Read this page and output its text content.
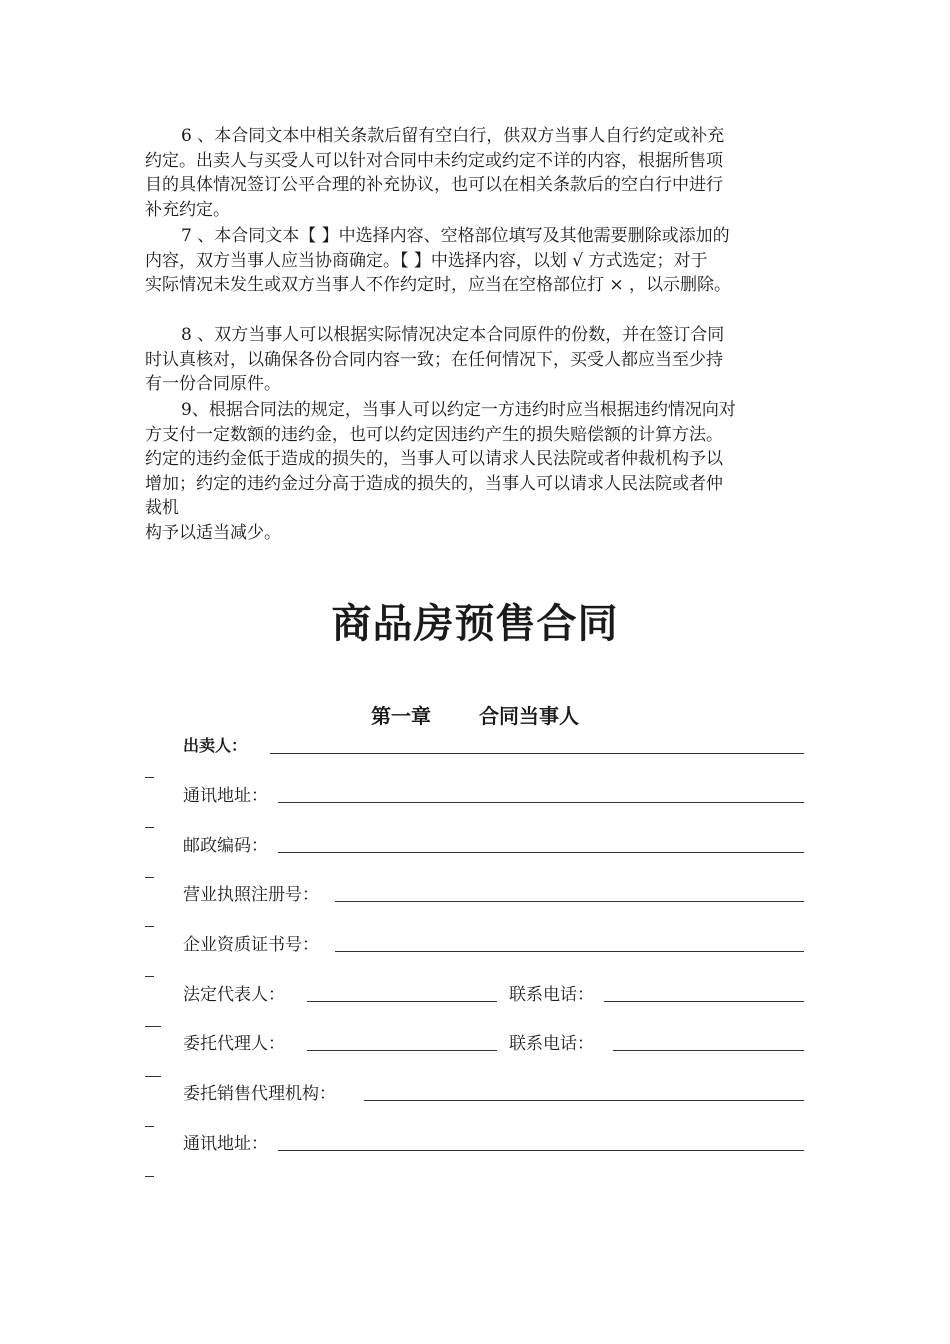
6 、本合同文本中相关条款后留有空白行，供双方当事人自行约定或补充
约定。出卖人与买受人可以针对合同中未约定或约定不详的内容，根据所售项
目的具体情况签订公平合理的补充协议，也可以在相关条款后的空白行中进行
补充约定。
7 、本合同文本【 】中选择内容、空格部位填写及其他需要删除或添加的
内容，双方当事人应当协商确定。【 】中选择内容，以划 √ 方式选定；对于
实际情况未发生或双方当事人不作约定时，应当在空格部位打 × ，以示删除。
8 、双方当事人可以根据实际情况决定本合同原件的份数，并在签订合同
时认真核对，以确保各份合同内容一致；在任何情况下，买受人都应当至少持
有一份合同原件。
9、根据合同法的规定，当事人可以约定一方违约时应当根据违约情况向对
方支付一定数额的违约金，也可以约定因违约产生的损失赔偿额的计算方法。
约定的违约金低于造成的损失的，当事人可以请求人民法院或者仲裁机构予以
增加；约定的违约金过分高于造成的损失的，当事人可以请求人民法院或者仲
裁机
构予以适当减少。
商品房预售合同
第一章 合同当事人
出卖人：
通讯地址：
邮政编码：
营业执照注册号：
企业资质证书号：
法定代表人：	联系电话：
委托代理人：	联系电话：
委托销售代理机构：
通讯地址：
